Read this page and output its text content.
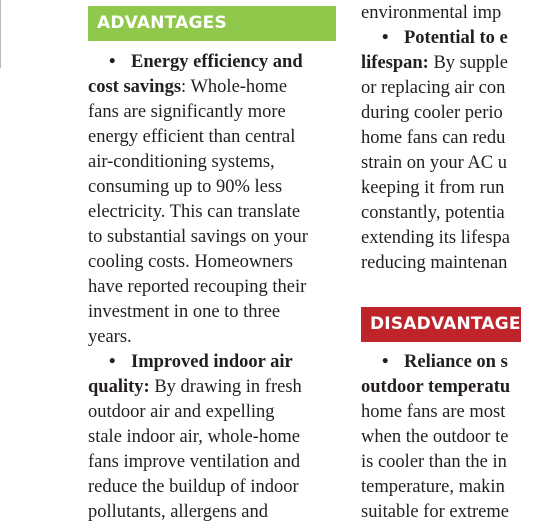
ADVANTAGES
• Energy efficiency and
cost savings: Whole-home
fans are significantly more
energy efficient than central
air-conditioning systems,
consuming up to 90% less
electricity. This can translate
to substantial savings on your
cooling costs. Homeowners
have reported recouping their
investment in one to three
years.
• Improved indoor air
quality: By drawing in fresh
outdoor air and expelling
stale indoor air, whole-home
fans improve ventilation and
reduce the buildup of indoor
pollutants, allergens and
environmental imp
• Potential to e
lifespan: By supple
or replacing air con
during cooler perio
home fans can redu
strain on your AC u
keeping it from run
constantly, potentia
extending its lifespa
reducing maintenan
DISADVANTAGES
• Reliance on s
outdoor temperatu
home fans are most
when the outdoor te
is cooler than the in
temperature, makin
suitable for extreme
